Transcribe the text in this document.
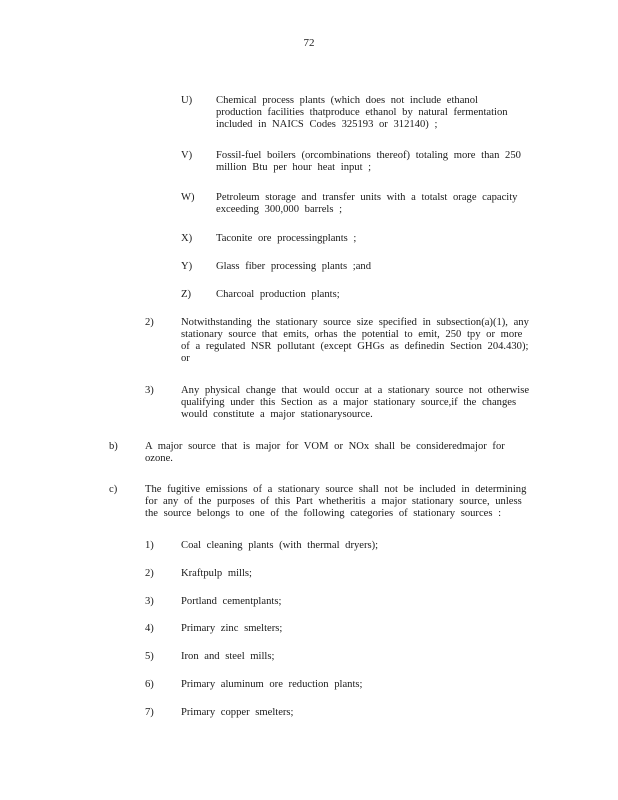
72
U) Chemical process plants (which does not include ethanol production facilities thatproduce ethanol by natural fermentation included in NAICS Codes 325193 or 312140) ;
V) Fossil-fuel boilers (orcombinations thereof) totaling more than 250 million Btu per hour heat input ;
W) Petroleum storage and transfer units with a totalst orage capacity exceeding 300,000 barrels ;
X) Taconite ore processingplants ;
Y) Glass fiber processing plants ;and
Z) Charcoal production plants;
2)	Notwithstanding the stationary source size specified in subsection(a)(1), any stationary source that emits, orhas the potential to emit, 250 tpy or more of a regulated NSR pollutant (except GHGs as definedin Section 204.430); or
3)	Any physical change that would occur at a stationary source not otherwise qualifying under this Section as a major stationary source,if the changes would constitute a major stationarysource.
b)	A major source that is major for VOM or NOx shall be consideredmajor for ozone.
c)	The fugitive emissions of a stationary source shall not be included in determining for any of the purposes of this Part whetheritis a major stationary source, unless the source belongs to one of the following categories of stationary sources :
1)	Coal cleaning plants (with thermal dryers);
2)	Kraftpulp mills;
3)	Portland cementplants;
4)	Primary zinc smelters;
5)	Iron and steel mills;
6)	Primary aluminum ore reduction plants;
7)	Primary copper smelters;
